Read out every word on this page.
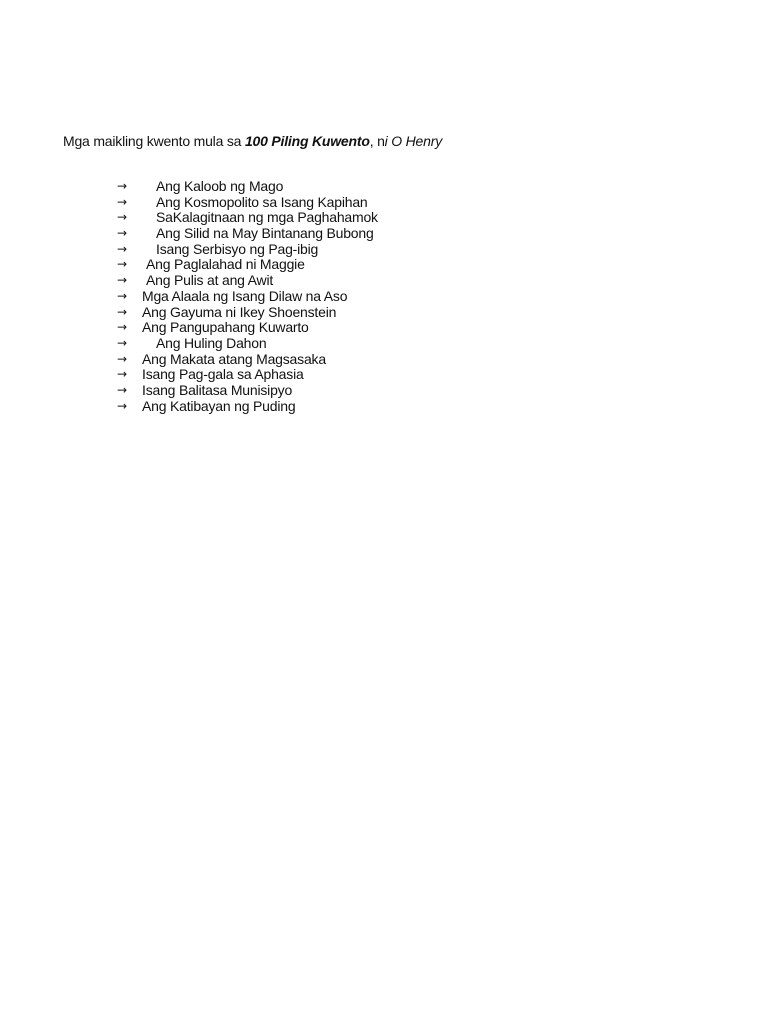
Mga maikling kwento mula sa 100 Piling Kuwento, ni O Henry

→ Ang Kaloob ng Mago
→ Ang Kosmopolito sa Isang Kapihan
→ SaKalagitnaan ng mga Paghahamok
→ Ang Silid na May Bintanang Bubong
→ Isang Serbisyo ng Pag-ibig
→ Ang Paglalahad ni Maggie
→ Ang Pulis at ang Awit
→ Mga Alaala ng Isang Dilaw na Aso
→ Ang Gayuma ni Ikey Shoenstein
→ Ang Pangupahang Kuwarto
→ Ang Huling Dahon
→ Ang Makata atang Magsasaka
→ Isang Pag-gala sa Aphasia
→ Isang Balitasa Munisipyo
→ Ang Katibayan ng Puding
